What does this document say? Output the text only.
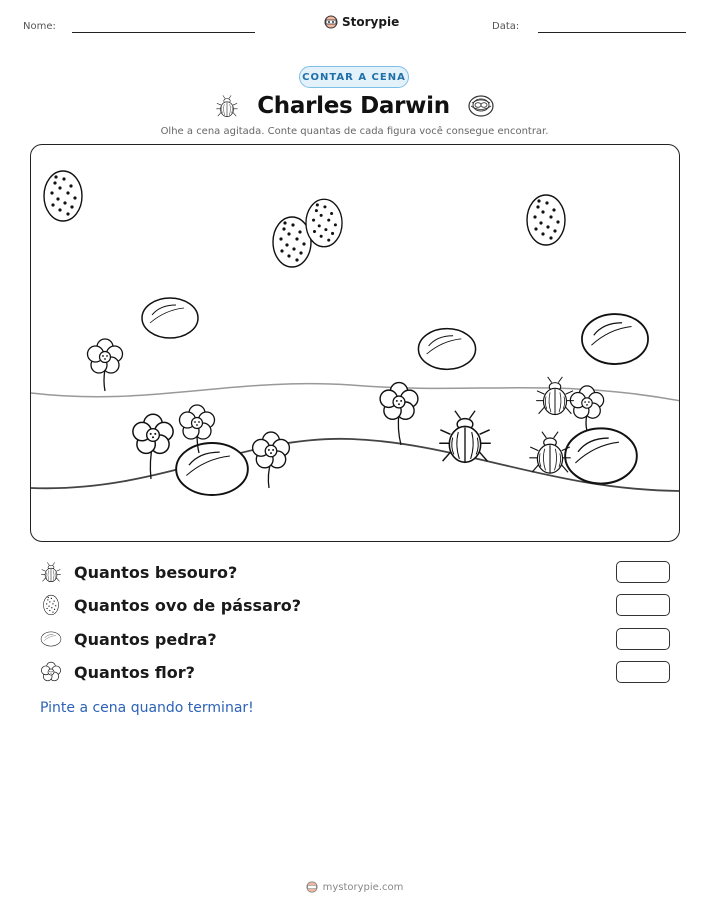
Nome:	Storypie	Data:
CONTAR A CENA
Charles Darwin
Olhe a cena agitada. Conte quantas de cada figura você consegue encontrar.
Quantos besouro?
Quantos ovo de pássaro?
Quantos pedra?
Quantos flor?
Pinte a cena quando terminar!
mystorypie.com
